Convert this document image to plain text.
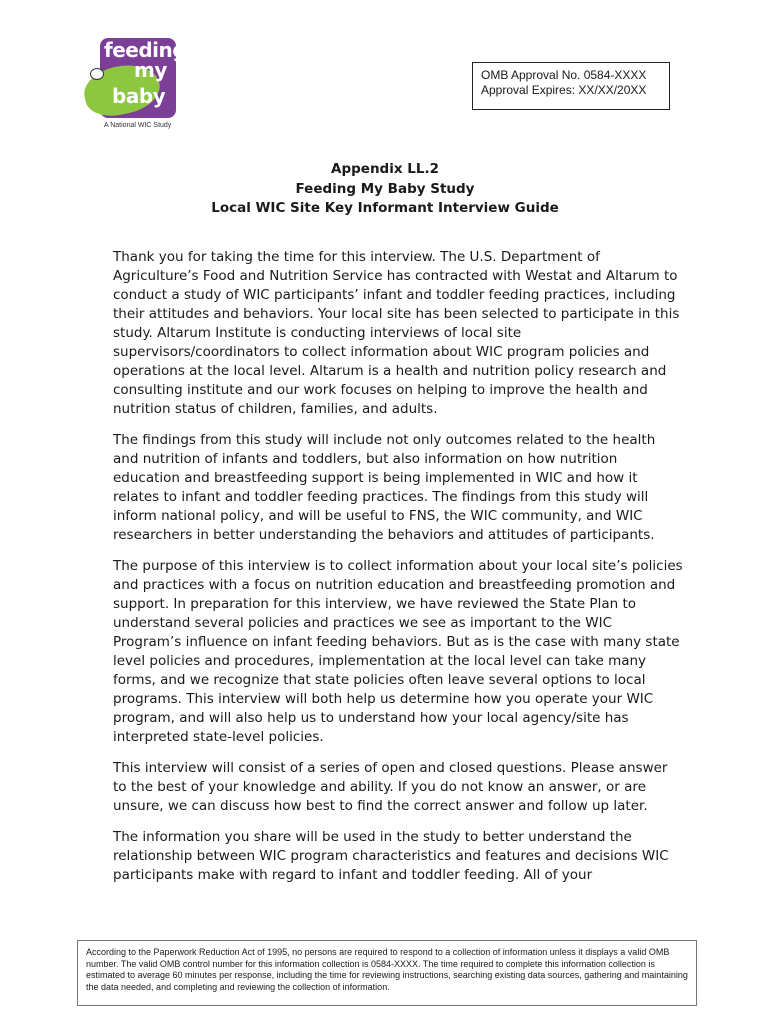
feeding
my
baby
A National WIC Study
OMB Approval No. 0584-XXXX
Approval Expires: XX/XX/20XX
Appendix LL.2
Feeding My Baby Study
Local WIC Site Key Informant Interview Guide

Thank you for taking the time for this interview. The U.S. Department of Agriculture’s Food and Nutrition Service has contracted with Westat and Altarum to conduct a study of WIC participants’ infant and toddler feeding practices, including their attitudes and behaviors. Your local site has been selected to participate in this study. Altarum Institute is conducting interviews of local site supervisors/coordinators to collect information about WIC program policies and operations at the local level. Altarum is a health and nutrition policy research and consulting institute and our work focuses on helping to improve the health and nutrition status of children, families, and adults.

The findings from this study will include not only outcomes related to the health and nutrition of infants and toddlers, but also information on how nutrition education and breastfeeding support is being implemented in WIC and how it relates to infant and toddler feeding practices. The findings from this study will inform national policy, and will be useful to FNS, the WIC community, and WIC researchers in better understanding the behaviors and attitudes of participants.

The purpose of this interview is to collect information about your local site’s policies and practices with a focus on nutrition education and breastfeeding promotion and support. In preparation for this interview, we have reviewed the State Plan to understand several policies and practices we see as important to the WIC Program’s influence on infant feeding behaviors. But as is the case with many state level policies and procedures, implementation at the local level can take many forms, and we recognize that state policies often leave several options to local programs. This interview will both help us determine how you operate your WIC program, and will also help us to understand how your local agency/site has interpreted state-level policies.

This interview will consist of a series of open and closed questions. Please answer to the best of your knowledge and ability. If you do not know an answer, or are unsure, we can discuss how best to find the correct answer and follow up later.

The information you share will be used in the study to better understand the relationship between WIC program characteristics and features and decisions WIC participants make with regard to infant and toddler feeding. All of your

According to the Paperwork Reduction Act of 1995, no persons are required to respond to a collection of information unless it displays a valid OMB number. The valid OMB control number for this information collection is 0584-XXXX. The time required to complete this information collection is estimated to average 60 minutes per response, including the time for reviewing instructions, searching existing data sources, gathering and maintaining the data needed, and completing and reviewing the collection of information.
